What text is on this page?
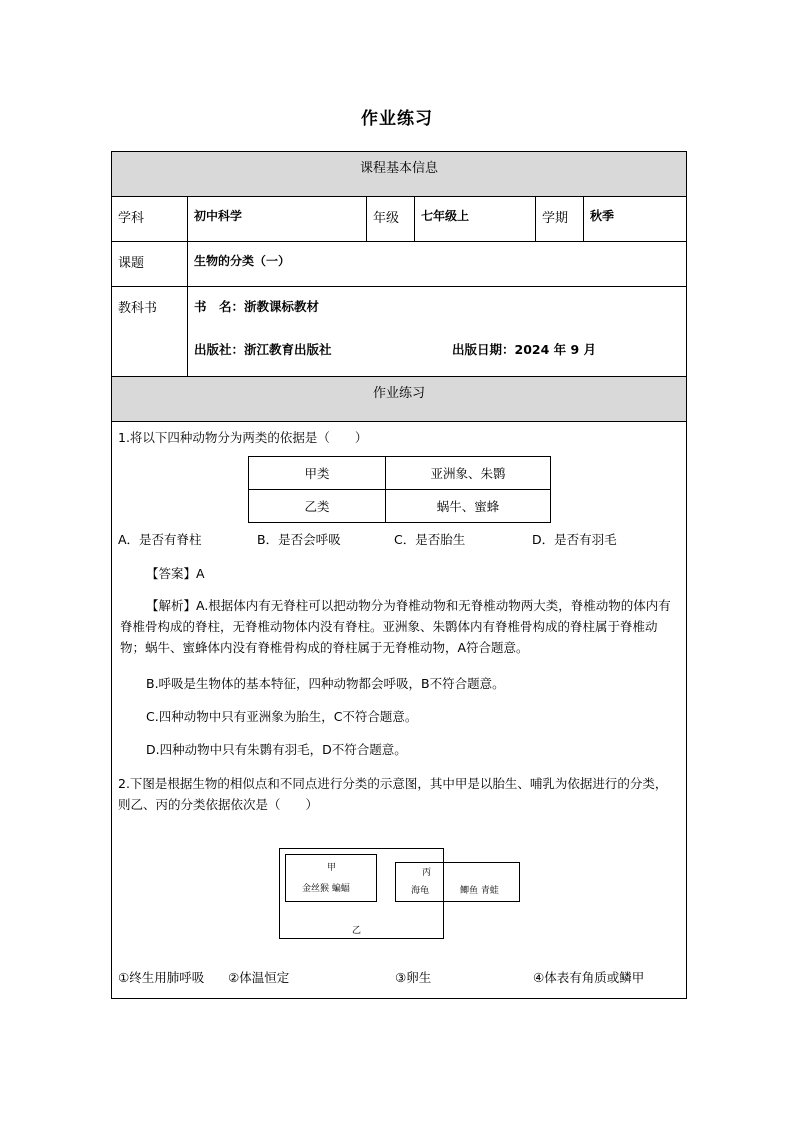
作业练习
课程基本信息
学科	初中科学	年级	七年级上	学期	秋季
课题	生物的分类（一）
教科书	书　名：浙教课标教材
出版社：浙江教育出版社	出版日期：2024 年 9 月
作业练习
1.将以下四种动物分为两类的依据是（　　）
甲类	亚洲象、朱鹮
乙类	蜗牛、蜜蜂
A．是否有脊柱	B．是否会呼吸	C．是否胎生	D．是否有羽毛
【答案】A
【解析】A.根据体内有无脊柱可以把动物分为脊椎动物和无脊椎动物两大类，脊椎动物的体内有脊椎骨构成的脊柱，无脊椎动物体内没有脊柱。亚洲象、朱鹮体内有脊椎骨构成的脊柱属于脊椎动物；蜗牛、蜜蜂体内没有脊椎骨构成的脊柱属于无脊椎动物，A符合题意。
B.呼吸是生物体的基本特征，四种动物都会呼吸，B不符合题意。
C.四种动物中只有亚洲象为胎生，C不符合题意。
D.四种动物中只有朱鹮有羽毛，D不符合题意。
2.下图是根据生物的相似点和不同点进行分类的示意图，其中甲是以胎生、哺乳为依据进行的分类，则乙、丙的分类依据依次是（　　）
乙
甲
金丝猴 蝙蝠
丙
海龟	鲫鱼 青蛙
①终生用肺呼吸 ②体温恒定	③卵生	④体表有角质或鳞甲
